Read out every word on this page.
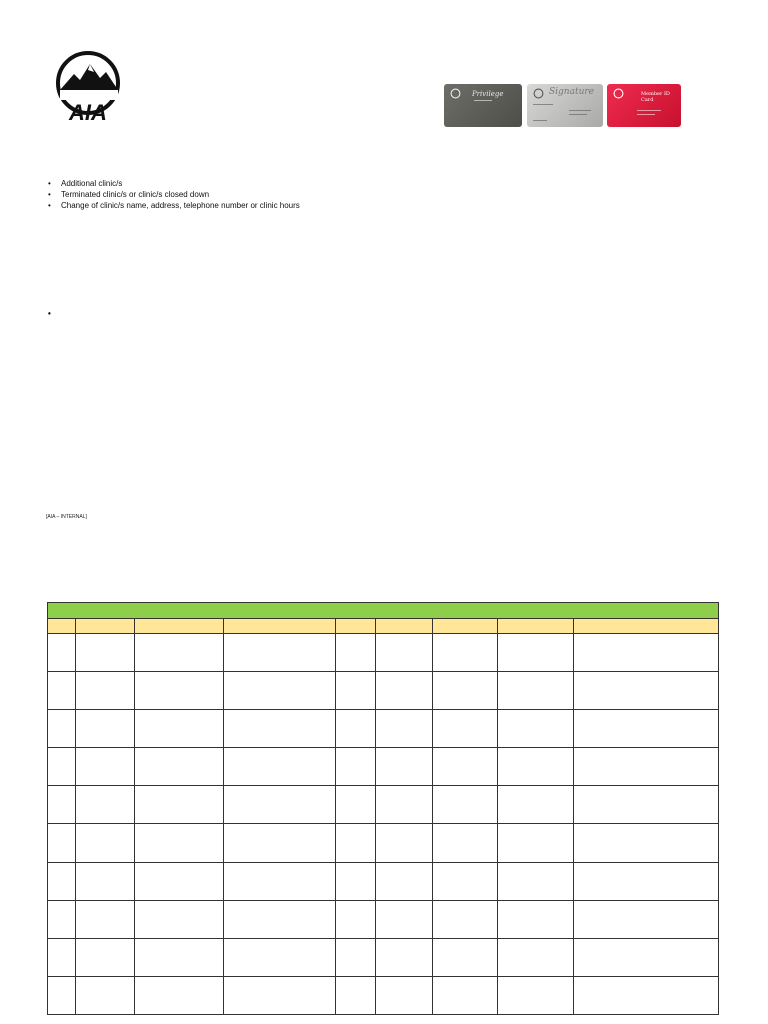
AIA
Privilege	Signature	Member ID Card
• Additional clinic/s
• Terminated clinic/s or clinic/s closed down
• Change of clinic/s name, address, telephone number or clinic hours
[AIA – INTERNAL]
